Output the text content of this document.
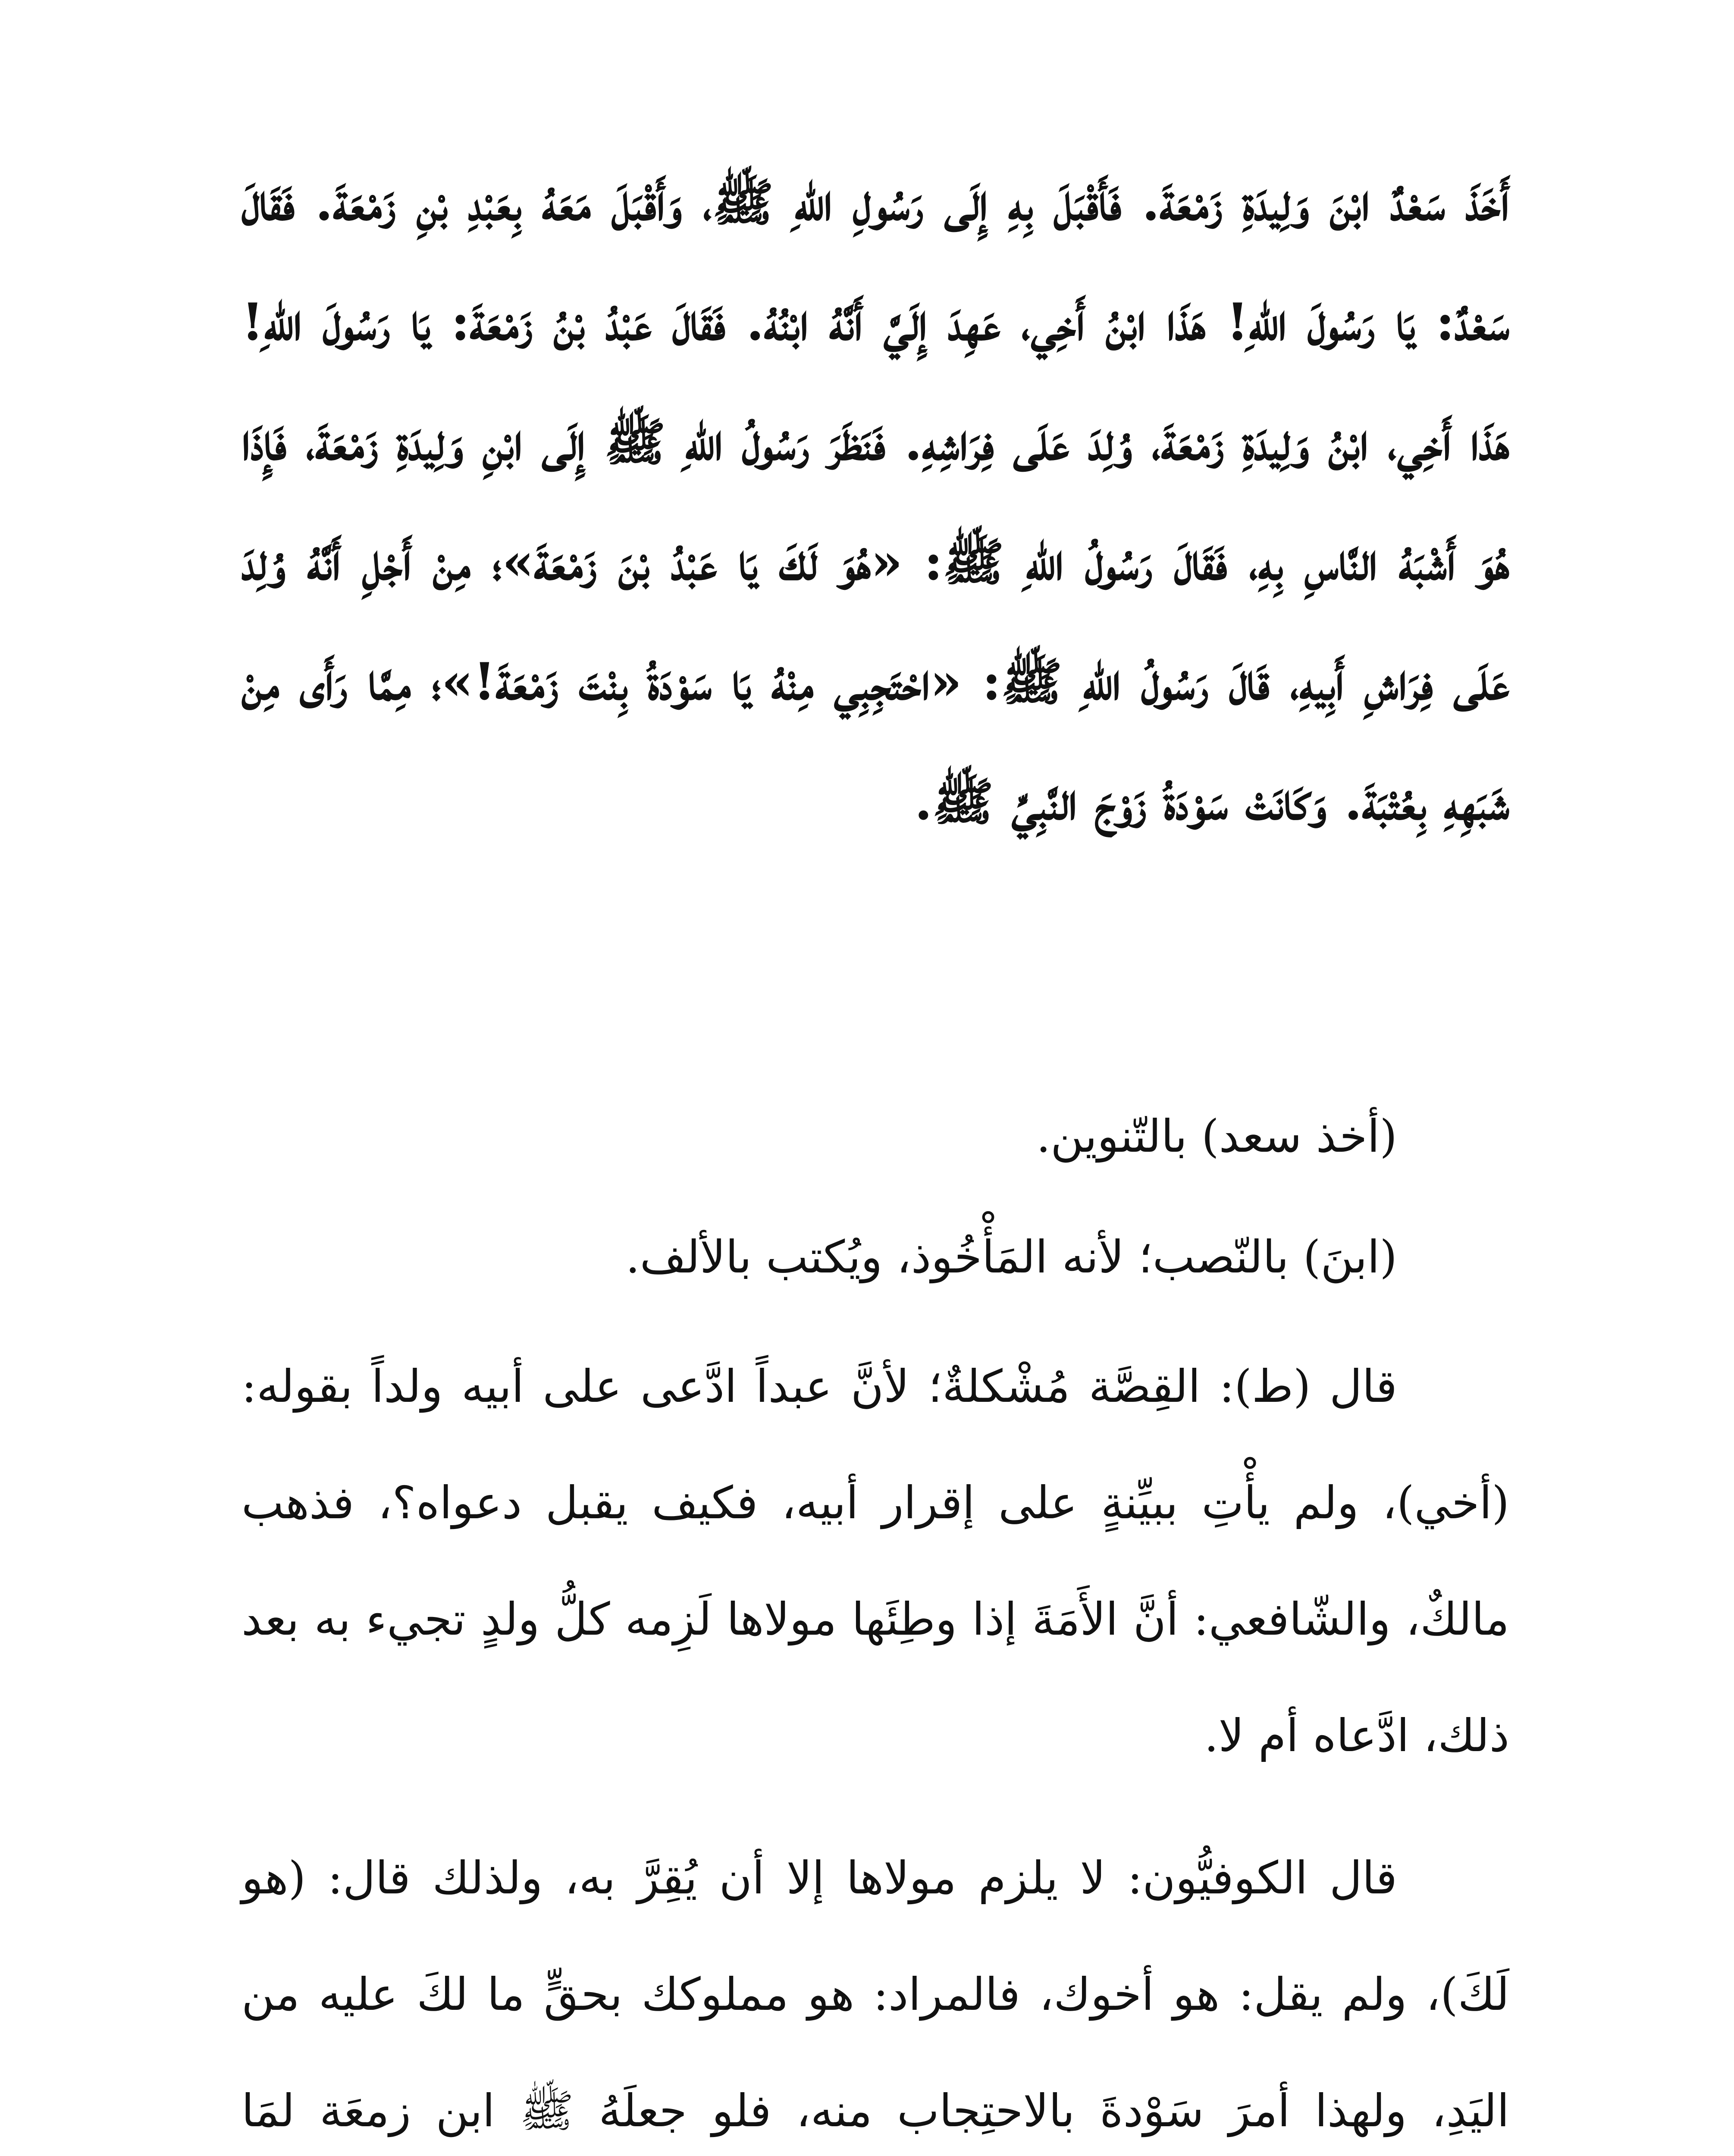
أَخَذَ سَعْدٌ ابْنَ وَلِيدَةِ زَمْعَةَ. فَأَقْبَلَ بِهِ إِلَى رَسُولِ اللهِ ﷺ، وَأَقْبَلَ مَعَهُ بِعَبْدِ بْنِ زَمْعَةَ. فَقَالَ سَعْدٌ: يَا رَسُولَ اللهِ! هَذَا ابْنُ أَخِي، عَهِدَ إِلَيَّ أَنَّهُ ابْنُهُ. فَقَالَ عَبْدُ بْنُ زَمْعَةَ: يَا رَسُولَ اللهِ! هَذَا أَخِي، ابْنُ وَلِيدَةِ زَمْعَةَ، وُلِدَ عَلَى فِرَاشِهِ. فَنَظَرَ رَسُولُ اللهِ ﷺ إِلَى ابْنِ وَلِيدَةِ زَمْعَةَ، فَإِذَا هُوَ أَشْبَهُ النَّاسِ بِهِ، فَقَالَ رَسُولُ اللهِ ﷺ: «هُوَ لَكَ يَا عَبْدُ بْنَ زَمْعَةَ»؛ مِنْ أَجْلِ أَنَّهُ وُلِدَ عَلَى فِرَاشِ أَبِيهِ، قَالَ رَسُولُ اللهِ ﷺ: «احْتَجِبِي مِنْهُ يَا سَوْدَةُ بِنْتَ زَمْعَةَ!»؛ مِمَّا رَأَى مِنْ شَبَهِهِ بِعُتْبَةَ. وَكَانَتْ سَوْدَةُ زَوْجَ النَّبِيِّ ﷺ.

(أخذ سعد) بالتّنوين.

(ابنَ) بالنّصب؛ لأنه المَأْخُوذ، ويُكتب بالألف.

قال (ط): القِصَّة مُشْكلةٌ؛ لأنَّ عبداً ادَّعى على أبيه ولداً بقوله: (أخي)، ولم يأْتِ ببيِّنةٍ على إقرار أبيه، فكيف يقبل دعواه؟، فذهب مالكٌ، والشّافعي: أنَّ الأَمَةَ إذا وطِئَها مولاها لَزِمه كلُّ ولدٍ تجيء به بعد ذلك، ادَّعاه أم لا.

قال الكوفيُّون: لا يلزم مولاها إلا أن يُقِرَّ به، ولذلك قال: (هو لَكَ)، ولم يقل: هو أخوك، فالمراد: هو مملوكك بحقٍّ ما لكَ عليه من اليَدِ، ولهذا أمرَ سَوْدةَ بالاحتِجاب منه، فلو جعلَهُ ﷺ ابن زمعَة لمَا
